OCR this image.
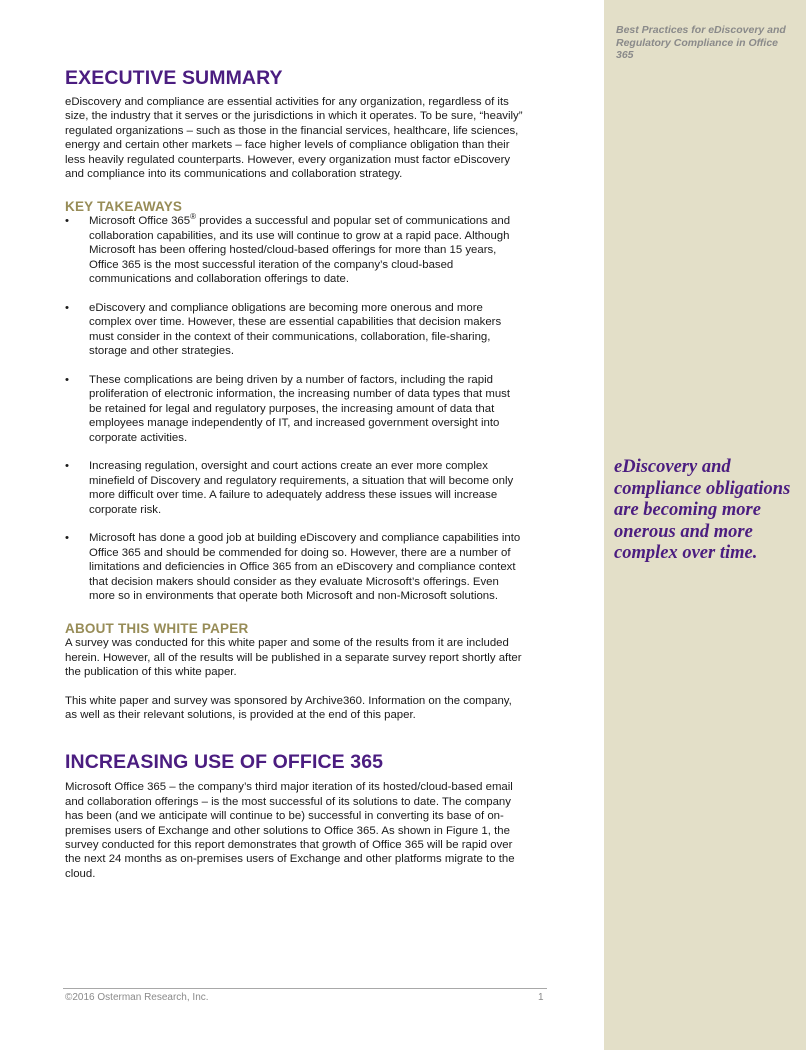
Best Practices for eDiscovery and Regulatory Compliance in Office 365
eDiscovery and compliance obligations are becoming more onerous and more complex over time.
EXECUTIVE SUMMARY

eDiscovery and compliance are essential activities for any organization, regardless of its size, the industry that it serves or the jurisdictions in which it operates. To be sure, “heavily” regulated organizations – such as those in the financial services, healthcare, life sciences, energy and certain other markets – face higher levels of compliance obligation than their less heavily regulated counterparts. However, every organization must factor eDiscovery and compliance into its communications and collaboration strategy.

KEY TAKEAWAYS
• Microsoft Office 365® provides a successful and popular set of communications and collaboration capabilities, and its use will continue to grow at a rapid pace. Although Microsoft has been offering hosted/cloud-based offerings for more than 15 years, Office 365 is the most successful iteration of the company’s cloud-based communications and collaboration offerings to date.
• eDiscovery and compliance obligations are becoming more onerous and more complex over time. However, these are essential capabilities that decision makers must consider in the context of their communications, collaboration, file-sharing, storage and other strategies.
• These complications are being driven by a number of factors, including the rapid proliferation of electronic information, the increasing number of data types that must be retained for legal and regulatory purposes, the increasing amount of data that employees manage independently of IT, and increased government oversight into corporate activities.
• Increasing regulation, oversight and court actions create an ever more complex minefield of Discovery and regulatory requirements, a situation that will become only more difficult over time. A failure to adequately address these issues will increase corporate risk.
• Microsoft has done a good job at building eDiscovery and compliance capabilities into Office 365 and should be commended for doing so. However, there are a number of limitations and deficiencies in Office 365 from an eDiscovery and compliance context that decision makers should consider as they evaluate Microsoft’s offerings. Even more so in environments that operate both Microsoft and non-Microsoft solutions.
ABOUT THIS WHITE PAPER

A survey was conducted for this white paper and some of the results from it are included herein. However, all of the results will be published in a separate survey report shortly after the publication of this white paper.

This white paper and survey was sponsored by Archive360. Information on the company, as well as their relevant solutions, is provided at the end of this paper.

INCREASING USE OF OFFICE 365

Microsoft Office 365 – the company’s third major iteration of its hosted/cloud-based email and collaboration offerings – is the most successful of its solutions to date. The company has been (and we anticipate will continue to be) successful in converting its base of on-premises users of Exchange and other solutions to Office 365. As shown in Figure 1, the survey conducted for this report demonstrates that growth of Office 365 will be rapid over the next 24 months as on-premises users of Exchange and other platforms migrate to the cloud.

©2016 Osterman Research, Inc.	1
